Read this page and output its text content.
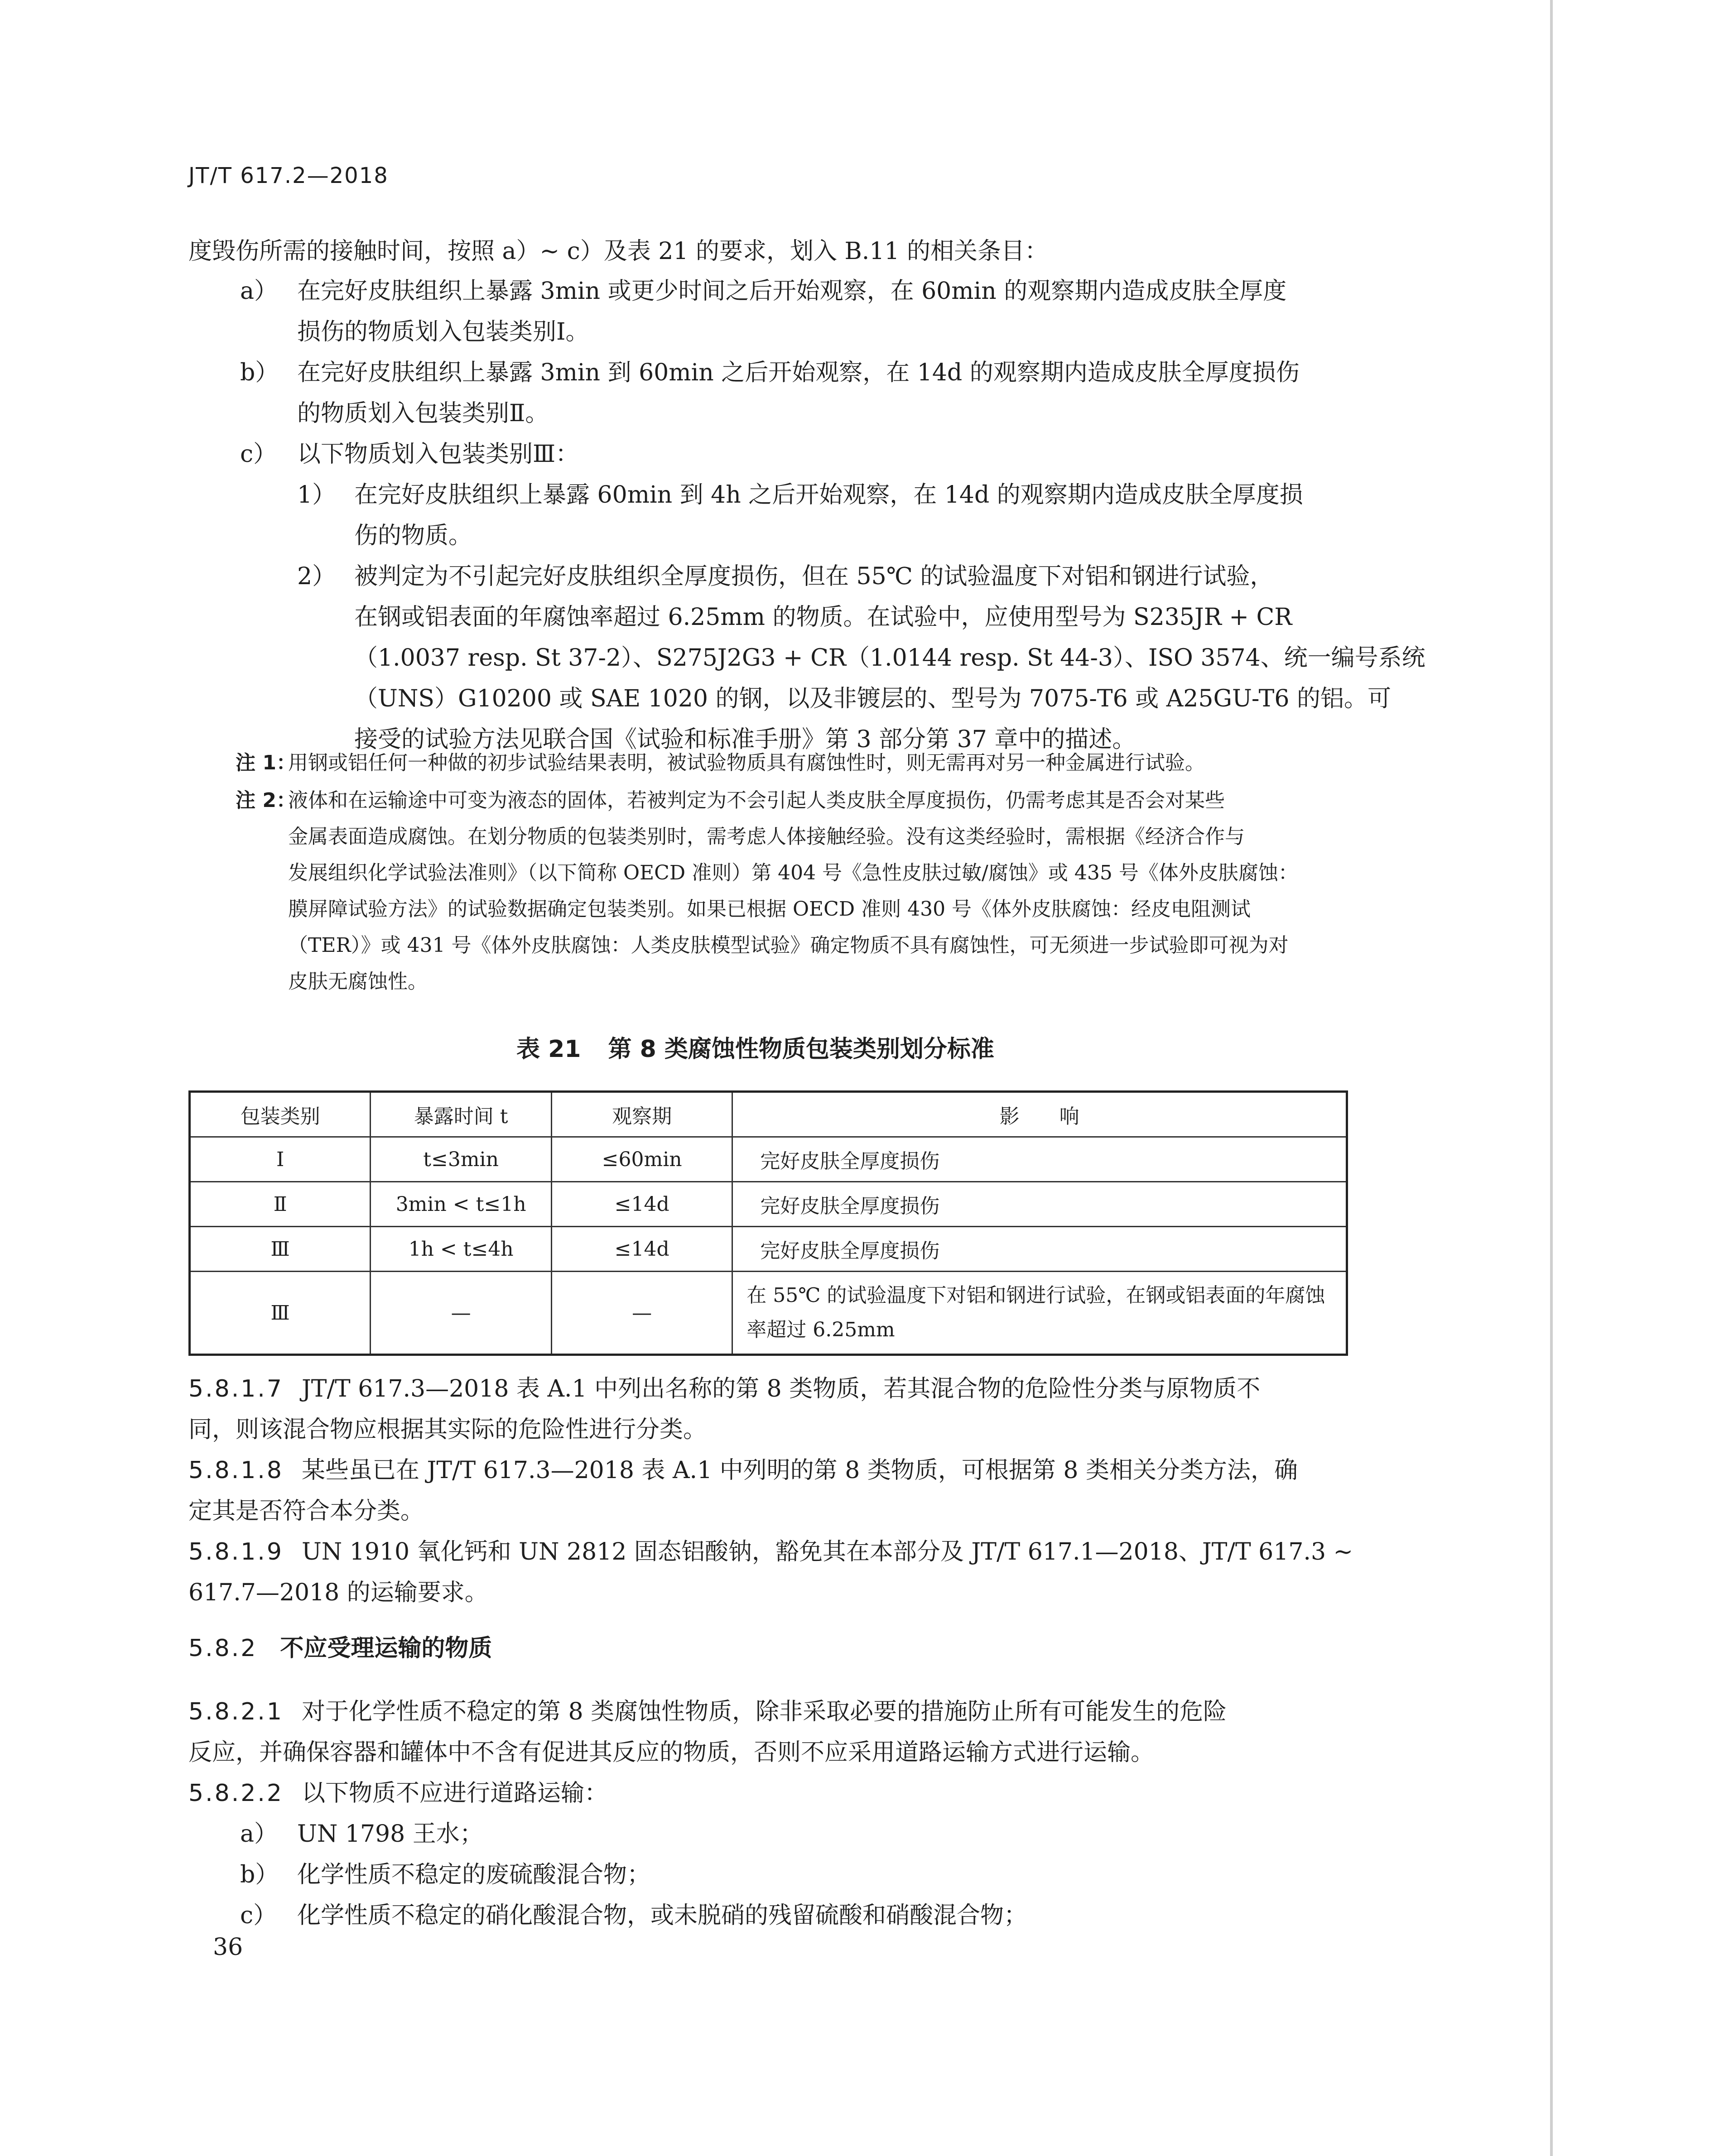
JT/T 617.2—2018
度毁伤所需的接触时间，按照 a）~ c）及表 21 的要求，划入 B.11 的相关条目：
a） 在完好皮肤组织上暴露 3min 或更少时间之后开始观察，在 60min 的观察期内造成皮肤全厚度
损伤的物质划入包装类别Ⅰ。
b） 在完好皮肤组织上暴露 3min 到 60min 之后开始观察，在 14d 的观察期内造成皮肤全厚度损伤
的物质划入包装类别Ⅱ。
c） 以下物质划入包装类别Ⅲ：
1） 在完好皮肤组织上暴露 60min 到 4h 之后开始观察，在 14d 的观察期内造成皮肤全厚度损
伤的物质。
2） 被判定为不引起完好皮肤组织全厚度损伤，但在 55℃ 的试验温度下对铝和钢进行试验，
在钢或铝表面的年腐蚀率超过 6.25mm 的物质。在试验中，应使用型号为 S235JR + CR
（1.0037 resp. St 37-2）、S275J2G3 + CR（1.0144 resp. St 44-3）、ISO 3574、统一编号系统
（UNS）G10200 或 SAE 1020 的钢，以及非镀层的、型号为 7075-T6 或 A25GU-T6 的铝。可
接受的试验方法见联合国《试验和标准手册》第 3 部分第 37 章中的描述。
注 1：
用钢或铝任何一种做的初步试验结果表明，被试验物质具有腐蚀性时，则无需再对另一种金属进行试验。
注 2：
液体和在运输途中可变为液态的固体，若被判定为不会引起人类皮肤全厚度损伤，仍需考虑其是否会对某些
金属表面造成腐蚀。在划分物质的包装类别时，需考虑人体接触经验。没有这类经验时，需根据《经济合作与
发展组织化学试验法准则》（以下简称 OECD 准则）第 404 号《急性皮肤过敏/腐蚀》或 435 号《体外皮肤腐蚀：
膜屏障试验方法》的试验数据确定包装类别。如果已根据 OECD 准则 430 号《体外皮肤腐蚀：经皮电阻测试
（TER）》或 431 号《体外皮肤腐蚀：人类皮肤模型试验》确定物质不具有腐蚀性，可无须进一步试验即可视为对
皮肤无腐蚀性。
表 21 第 8 类腐蚀性物质包装类别划分标准
包装类别	暴露时间 t	观察期	影　　响
Ⅰ	t≤3min	≤60min	完好皮肤全厚度损伤
Ⅱ	3min < t≤1h	≤14d	完好皮肤全厚度损伤
Ⅲ	1h < t≤4h	≤14d	完好皮肤全厚度损伤
Ⅲ	—	—	在 55℃ 的试验温度下对铝和钢进行试验，在钢或铝表面的年腐蚀率超过 6.25mm
5.8.1.7 JT/T 617.3—2018 表 A.1 中列出名称的第 8 类物质，若其混合物的危险性分类与原物质不
同，则该混合物应根据其实际的危险性进行分类。
5.8.1.8 某些虽已在 JT/T 617.3—2018 表 A.1 中列明的第 8 类物质，可根据第 8 类相关分类方法，确
定其是否符合本分类。
5.8.1.9 UN 1910 氧化钙和 UN 2812 固态铝酸钠，豁免其在本部分及 JT/T 617.1—2018、JT/T 617.3 ~
617.7—2018 的运输要求。
5.8.2 不应受理运输的物质
5.8.2.1 对于化学性质不稳定的第 8 类腐蚀性物质，除非采取必要的措施防止所有可能发生的危险
反应，并确保容器和罐体中不含有促进其反应的物质，否则不应采用道路运输方式进行运输。
5.8.2.2 以下物质不应进行道路运输：
a） UN 1798 王水；
b） 化学性质不稳定的废硫酸混合物；
c） 化学性质不稳定的硝化酸混合物，或未脱硝的残留硫酸和硝酸混合物；
36
